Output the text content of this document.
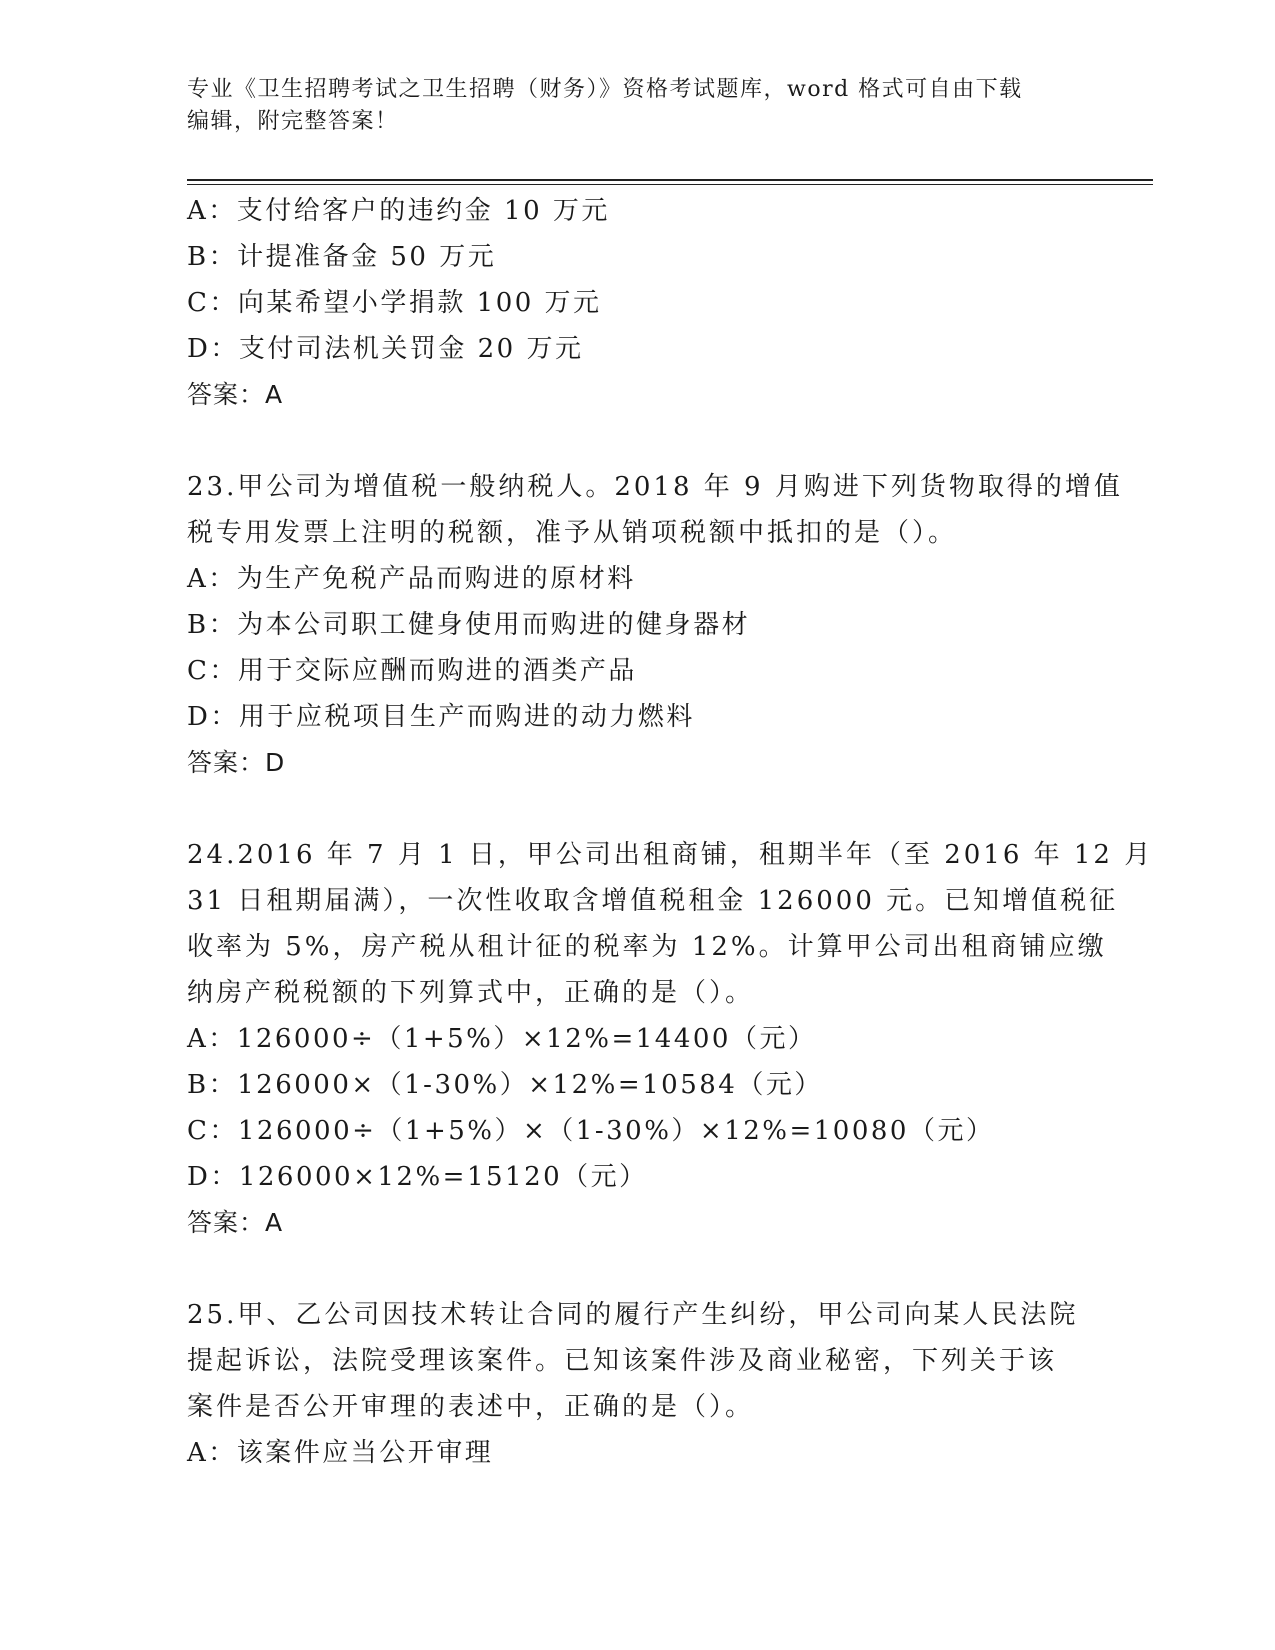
专业《卫生招聘考试之卫生招聘（财务）》资格考试题库，word 格式可自由下载
编辑，附完整答案！
A：支付给客户的违约金 10 万元
B：计提准备金 50 万元
C：向某希望小学捐款 100 万元
D：支付司法机关罚金 20 万元
答案：A
23.甲公司为增值税一般纳税人。2018 年 9 月购进下列货物取得的增值
税专用发票上注明的税额，准予从销项税额中抵扣的是（）。
A：为生产免税产品而购进的原材料
B：为本公司职工健身使用而购进的健身器材
C：用于交际应酬而购进的酒类产品
D：用于应税项目生产而购进的动力燃料
答案：D
24.2016 年 7 月 1 日，甲公司出租商铺，租期半年（至 2016 年 12 月
31 日租期届满），一次性收取含增值税租金 126000 元。已知增值税征
收率为 5%，房产税从租计征的税率为 12%。计算甲公司出租商铺应缴
纳房产税税额的下列算式中，正确的是（）。
A：126000÷（1+5%）×12%=14400（元）
B：126000×（1-30%）×12%=10584（元）
C：126000÷（1+5%）×（1-30%）×12%=10080（元）
D：126000×12%=15120（元）
答案：A
25.甲、乙公司因技术转让合同的履行产生纠纷，甲公司向某人民法院
提起诉讼，法院受理该案件。已知该案件涉及商业秘密，下列关于该
案件是否公开审理的表述中，正确的是（）。
A：该案件应当公开审理
